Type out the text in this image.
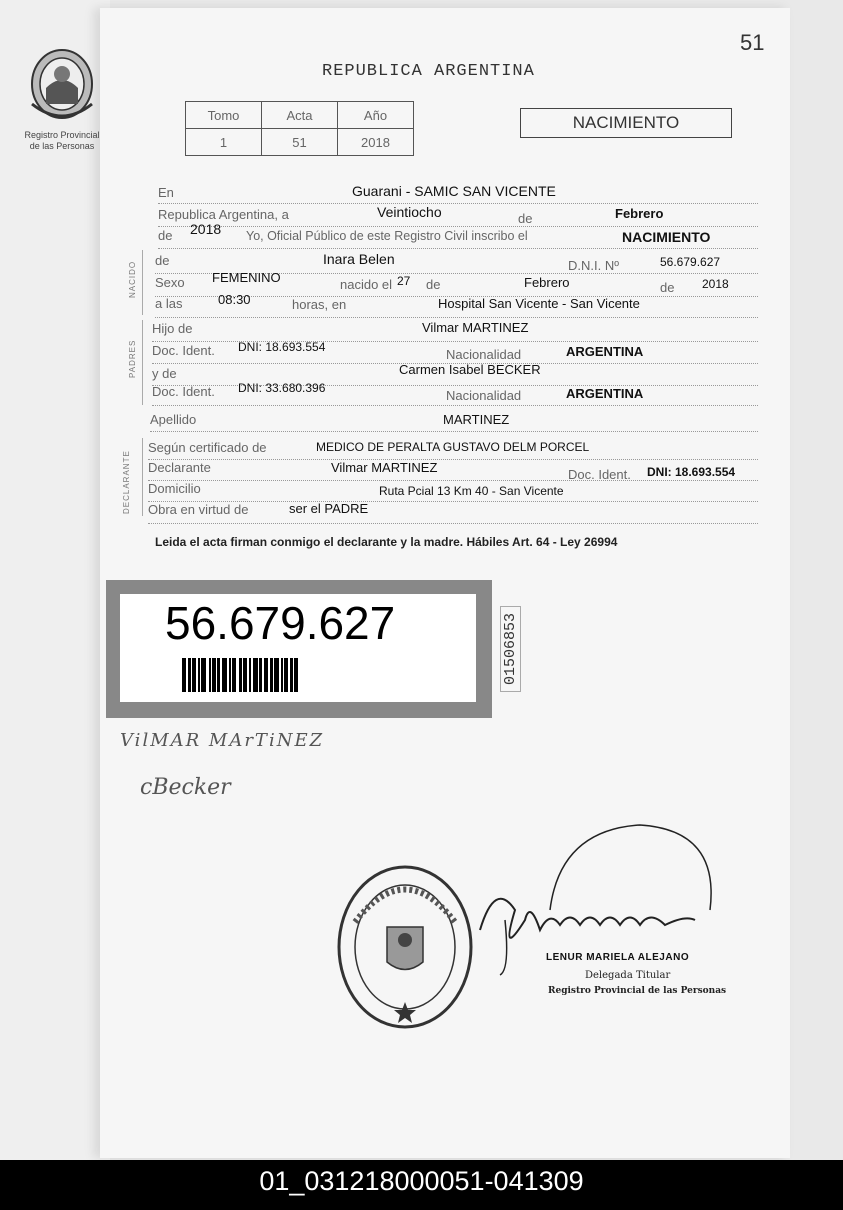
51
Registro Provincial
de las Personas
REPUBLICA ARGENTINA
Tomo	Acta	Año
1	51	2018
NACIMIENTO
En	Guarani - SAMIC SAN VICENTE
Republica Argentina, a	Veintiocho	de	Febrero
de 2018 Yo, Oficial Público de este Registro Civil inscribo el	NACIMIENTO
NACIDO
de	Inara Belen	D.N.I. Nº	56.679.627
Sexo FEMENINO	nacido el 27 de	Febrero	de 2018
a las	08:30	horas, en	Hospital San Vicente - San Vicente
PADRES
Hijo de	Vilmar MARTINEZ
Doc. Ident. DNI: 18.693.554	Nacionalidad	ARGENTINA
y de	Carmen Isabel BECKER
Doc. Ident. DNI: 33.680.396	Nacionalidad	ARGENTINA
Apellido	MARTINEZ
DECLARANTE
Según certificado de	MEDICO DE PERALTA GUSTAVO DELM PORCEL
Declarante	Vilmar MARTINEZ	Doc. Ident. DNI: 18.693.554
Domicilio	Ruta Pcial 13 Km 40 - San Vicente
Obra en virtud de	ser el PADRE
Leida el acta firman conmigo el declarante y la madre. Hábiles Art. 64 - Ley 26994
56.679.627	01506853
VilMAR MArTiNEZ
cBecker
LENUR MARIELA ALEJANO
Delegada Titular
Registro Provincial de las Personas
01_031218000051-041309
